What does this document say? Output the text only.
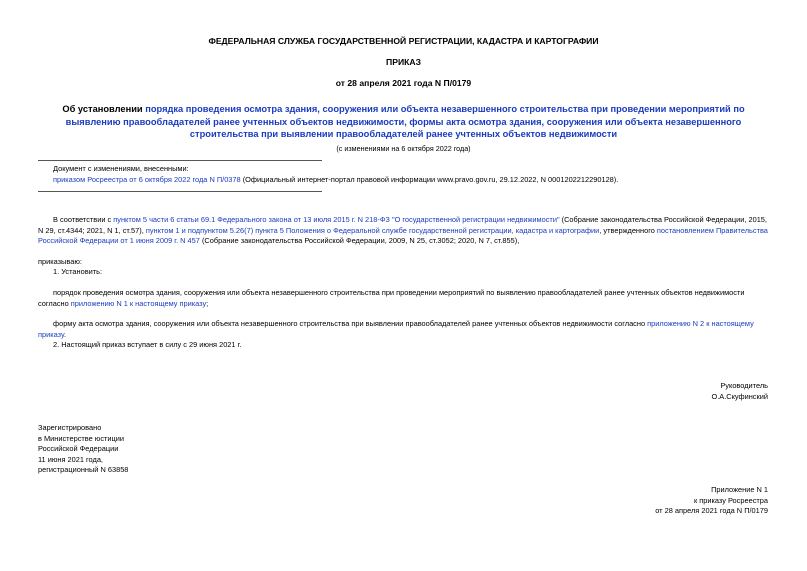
ФЕДЕРАЛЬНАЯ СЛУЖБА ГОСУДАРСТВЕННОЙ РЕГИСТРАЦИИ, КАДАСТРА И КАРТОГРАФИИ
ПРИКАЗ
от 28 апреля 2021 года N П/0179
Об установлении порядка проведения осмотра здания, сооружения или объекта незавершенного строительства при проведении мероприятий по выявлению правообладателей ранее учтенных объектов недвижимости, формы акта осмотра здания, сооружения или объекта незавершенного строительства при выявлении правообладателей ранее учтенных объектов недвижимости
(с изменениями на 6 октября 2022 года)
Документ с изменениями, внесенными:
приказом Росреестра от 6 октября 2022 года N П/0378 (Официальный интернет-портал правовой информации www.pravo.gov.ru, 29.12.2022, N 0001202212290128).
В соответствии с пунктом 5 части 6 статьи 69.1 Федерального закона от 13 июля 2015 г. N 218-ФЗ "О государственной регистрации недвижимости" (Собрание законодательства Российской Федерации, 2015, N 29, ст.4344; 2021, N 1, ст.57), пунктом 1 и подпунктом 5.26(7) пункта 5 Положения о Федеральной службе государственной регистрации, кадастра и картографии, утвержденного постановлением Правительства Российской Федерации от 1 июня 2009 г. N 457 (Собрание законодательства Российской Федерации, 2009, N 25, ст.3052; 2020, N 7, ст.855),
приказываю:
1. Установить:
порядок проведения осмотра здания, сооружения или объекта незавершенного строительства при проведении мероприятий по выявлению правообладателей ранее учтенных объектов недвижимости согласно приложению N 1 к настоящему приказу;
форму акта осмотра здания, сооружения или объекта незавершенного строительства при выявлении правообладателей ранее учтенных объектов недвижимости согласно приложению N 2 к настоящему приказу.
2. Настоящий приказ вступает в силу с 29 июня 2021 г.
Руководитель
О.А.Скуфинский
Зарегистрировано
в Министерстве юстиции
Российской Федерации
11 июня 2021 года,
регистрационный N 63858
Приложение N 1
к приказу Росреестра
от 28 апреля 2021 года N П/0179
